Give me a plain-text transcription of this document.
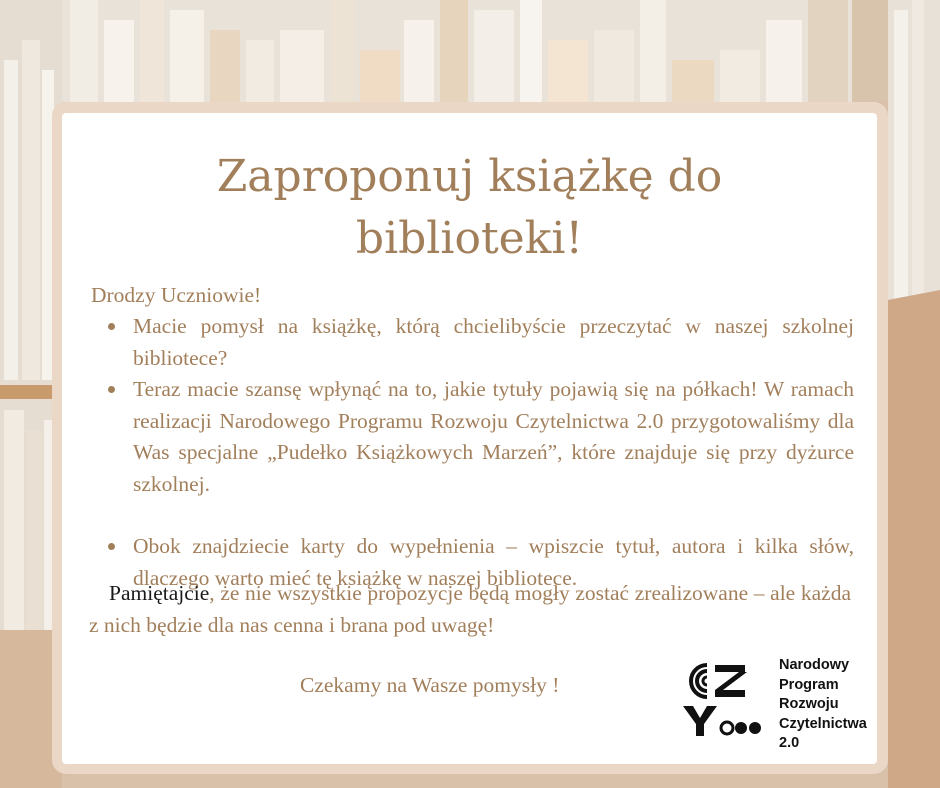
Zaproponuj książkę do
biblioteki!
Drodzy Uczniowie!
Macie pomysł na książkę, którą chcielibyście przeczytać w naszej szkolnej bibliotece?
Teraz macie szansę wpłynąć na to, jakie tytuły pojawią się na półkach! W ramach realizacji Narodowego Programu Rozwoju Czytelnictwa 2.0 przygotowaliśmy dla Was specjalne „Pudełko Książkowych Marzeń”, które znajduje się przy dyżurce szkolnej.
Obok znajdziecie karty do wypełnienia – wpiszcie tytuł, autora i kilka słów, dlaczego warto mieć tę książkę w naszej bibliotece.
Pamiętajcie, że nie wszystkie propozycje będą mogły zostać zrealizowane – ale każda z nich będzie dla nas cenna i brana pod uwagę!
Czekamy na Wasze pomysły !
Narodowy
Program
Rozwoju
Czytelnictwa
2.0
